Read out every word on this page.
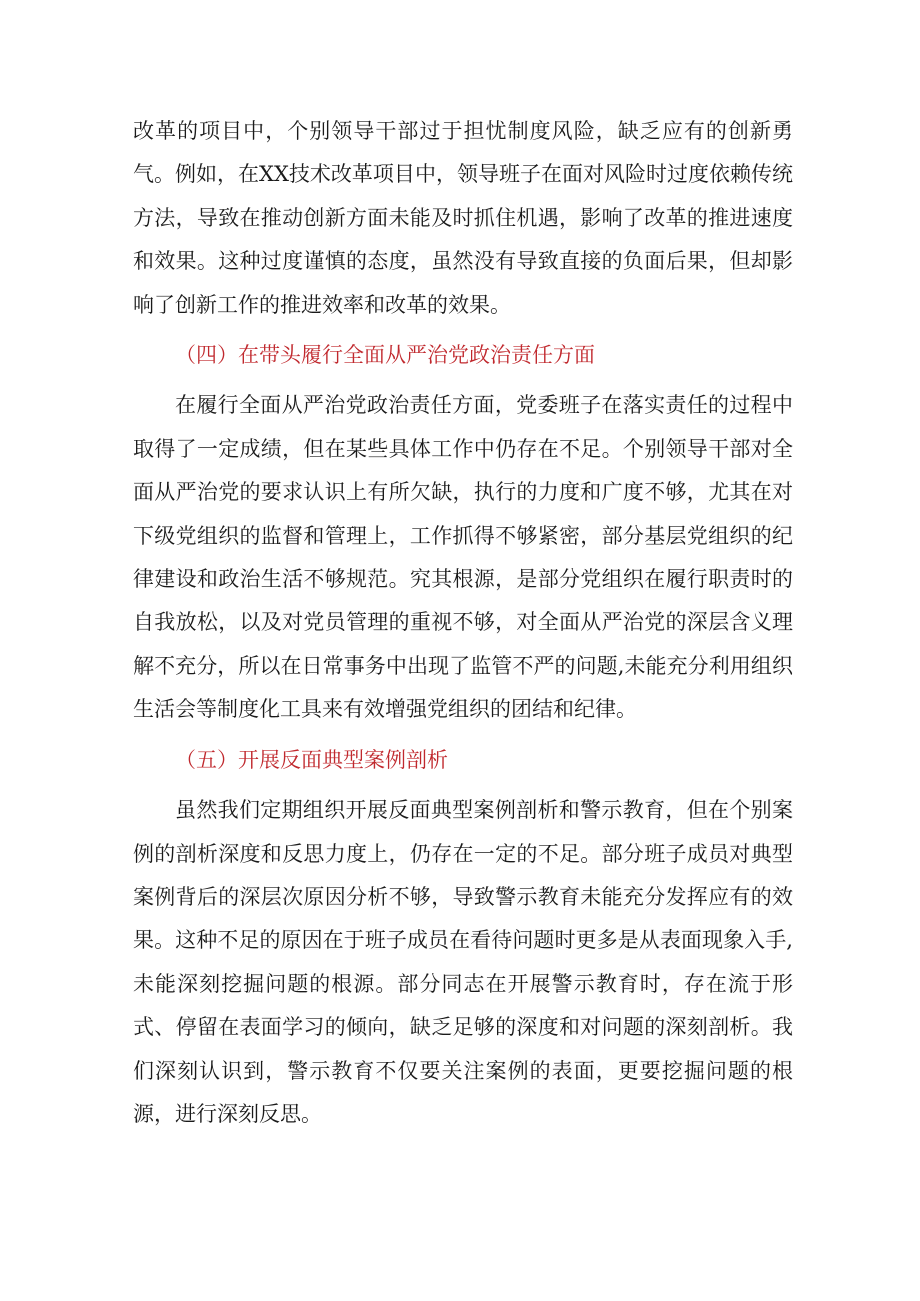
改革的项目中，个别领导干部过于担忧制度风险，缺乏应有的创新勇气。例如，在XX技术改革项目中，领导班子在面对风险时过度依赖传统方法，导致在推动创新方面未能及时抓住机遇，影响了改革的推进速度和效果。这种过度谨慎的态度，虽然没有导致直接的负面后果，但却影响了创新工作的推进效率和改革的效果。

（四）在带头履行全面从严治党政治责任方面

在履行全面从严治党政治责任方面，党委班子在落实责任的过程中取得了一定成绩，但在某些具体工作中仍存在不足。个别领导干部对全面从严治党的要求认识上有所欠缺，执行的力度和广度不够，尤其在对下级党组织的监督和管理上，工作抓得不够紧密，部分基层党组织的纪律建设和政治生活不够规范。究其根源，是部分党组织在履行职责时的自我放松，以及对党员管理的重视不够，对全面从严治党的深层含义理解不充分，所以在日常事务中出现了监管不严的问题,未能充分利用组织生活会等制度化工具来有效增强党组织的团结和纪律。

（五）开展反面典型案例剖析

虽然我们定期组织开展反面典型案例剖析和警示教育，但在个别案例的剖析深度和反思力度上，仍存在一定的不足。部分班子成员对典型案例背后的深层次原因分析不够，导致警示教育未能充分发挥应有的效果。这种不足的原因在于班子成员在看待问题时更多是从表面现象入手,未能深刻挖掘问题的根源。部分同志在开展警示教育时，存在流于形式、停留在表面学习的倾向，缺乏足够的深度和对问题的深刻剖析。我们深刻认识到，警示教育不仅要关注案例的表面，更要挖掘问题的根源，进行深刻反思。
